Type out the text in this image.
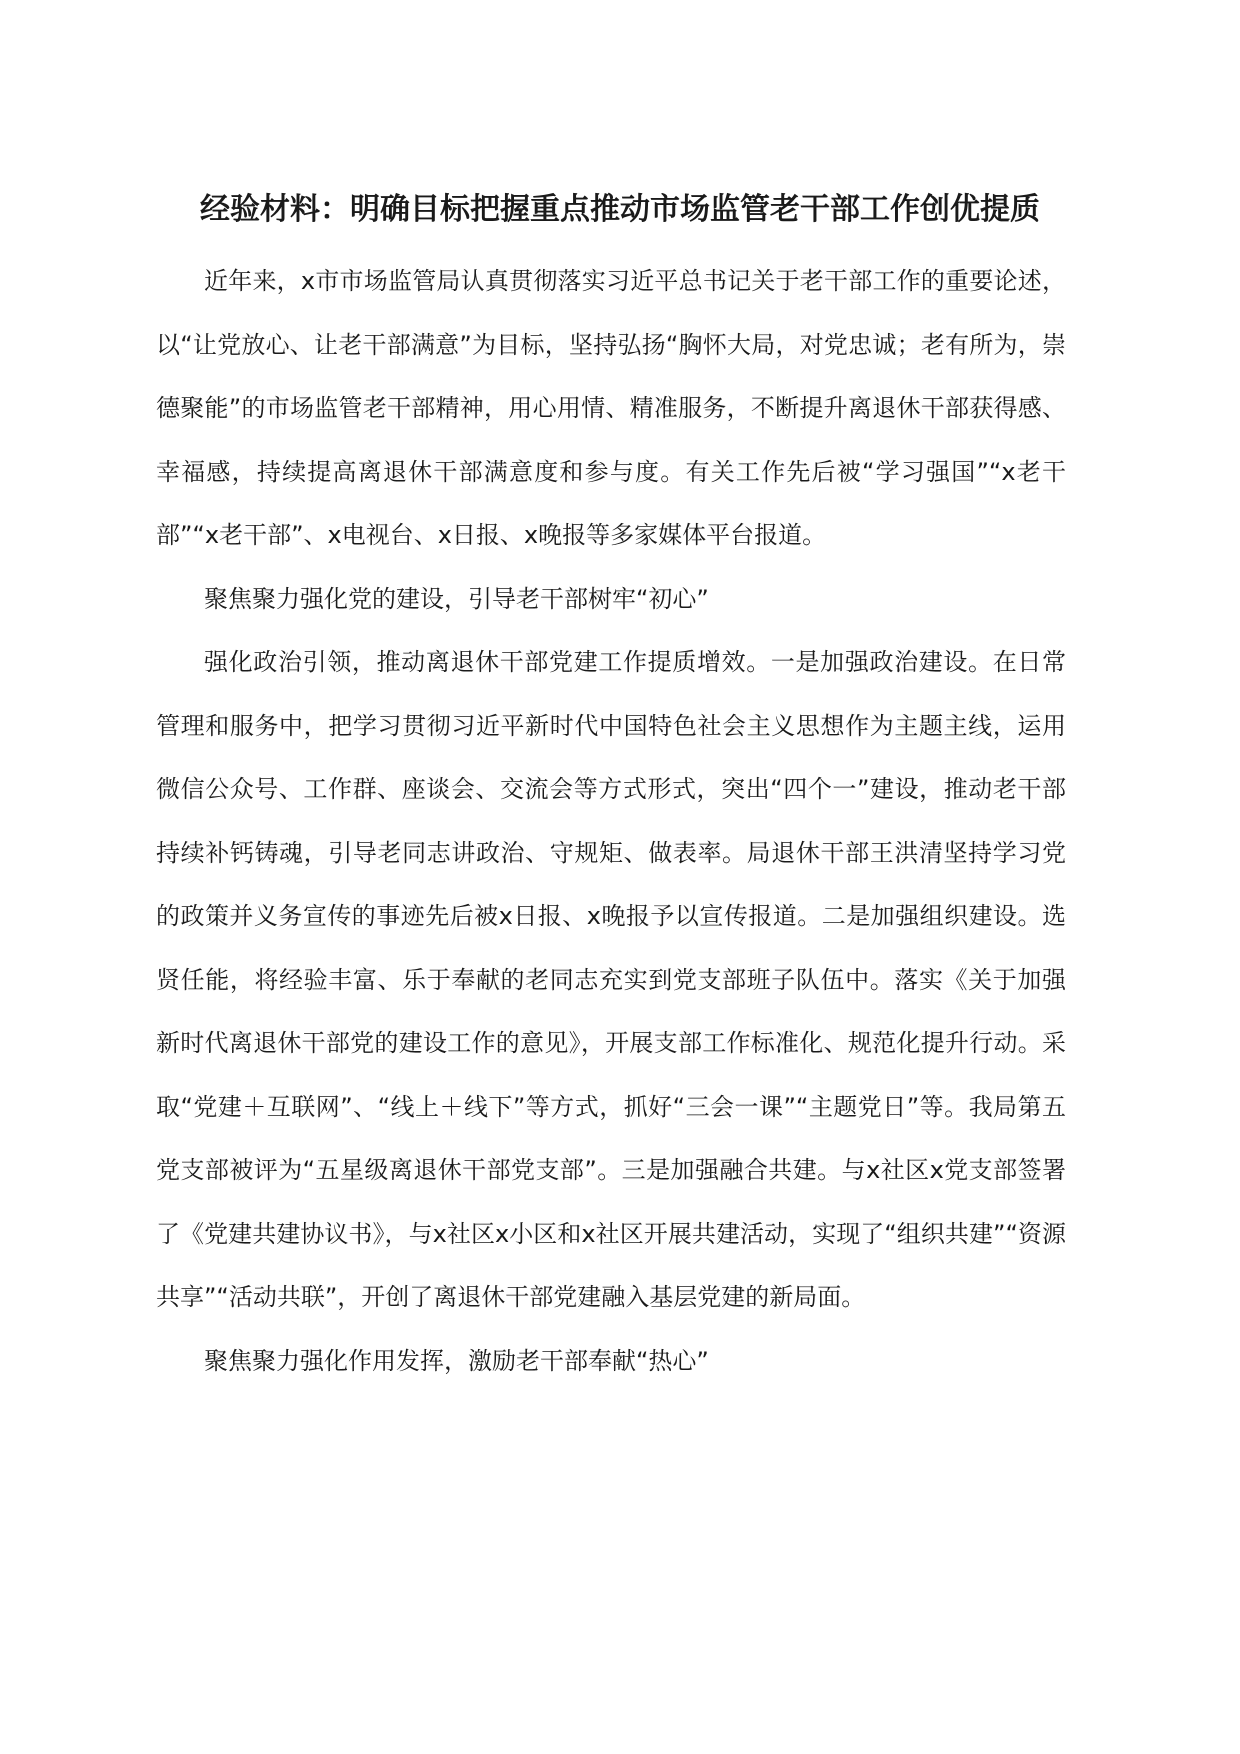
经验材料：明确目标把握重点推动市场监管老干部工作创优提质

近年来，x市市场监管局认真贯彻落实习近平总书记关于老干部工作的重要论述，以“让党放心、让老干部满意”为目标，坚持弘扬“胸怀大局，对党忠诚；老有所为，崇德聚能”的市场监管老干部精神，用心用情、精准服务，不断提升离退休干部获得感、幸福感，持续提高离退休干部满意度和参与度。有关工作先后被“学习强国”“x老干部”“x老干部”、x电视台、x日报、x晚报等多家媒体平台报道。

聚焦聚力强化党的建设，引导老干部树牢“初心”

强化政治引领，推动离退休干部党建工作提质增效。一是加强政治建设。在日常管理和服务中，把学习贯彻习近平新时代中国特色社会主义思想作为主题主线，运用微信公众号、工作群、座谈会、交流会等方式形式，突出“四个一”建设，推动老干部持续补钙铸魂，引导老同志讲政治、守规矩、做表率。局退休干部王洪清坚持学习党的政策并义务宣传的事迹先后被x日报、x晚报予以宣传报道。二是加强组织建设。选贤任能，将经验丰富、乐于奉献的老同志充实到党支部班子队伍中。落实《关于加强新时代离退休干部党的建设工作的意见》，开展支部工作标准化、规范化提升行动。采取“党建＋互联网”、“线上＋线下”等方式，抓好“三会一课”“主题党日”等。我局第五党支部被评为“五星级离退休干部党支部”。三是加强融合共建。与x社区x党支部签署了《党建共建协议书》，与x社区x小区和x社区开展共建活动，实现了“组织共建”“资源共享”“活动共联”，开创了离退休干部党建融入基层党建的新局面。

聚焦聚力强化作用发挥，激励老干部奉献“热心”
